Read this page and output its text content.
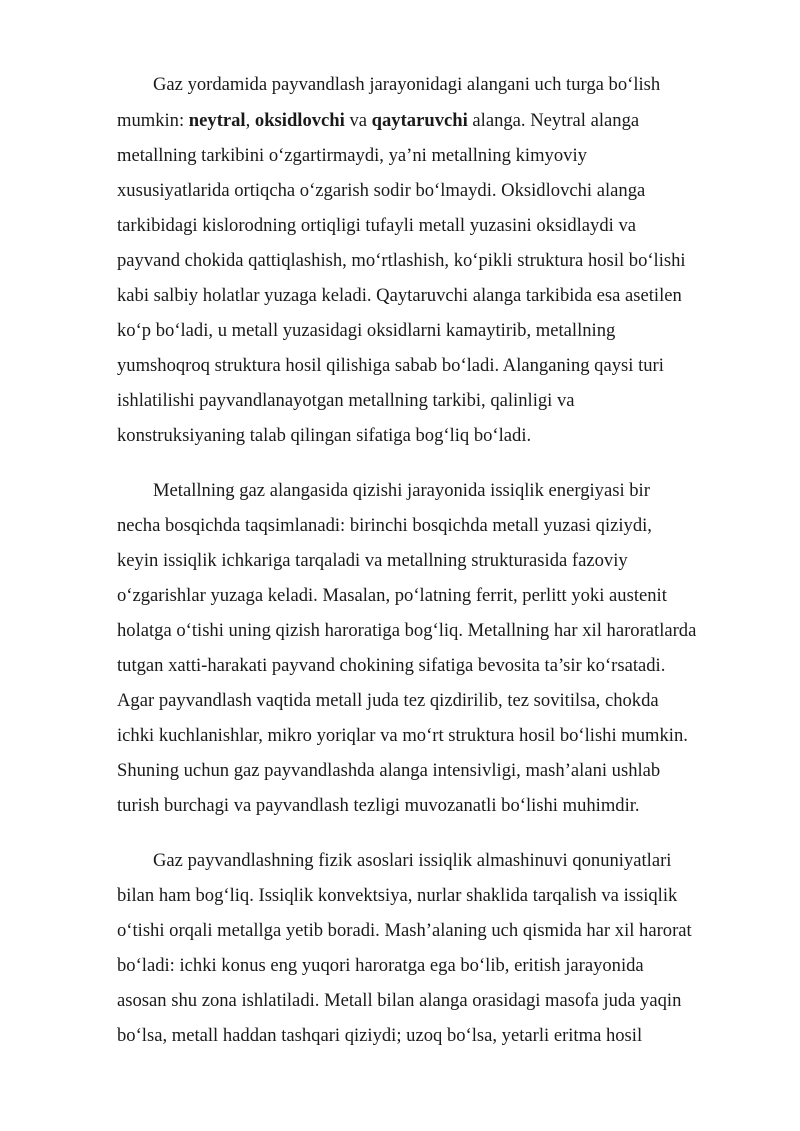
Gaz yordamida payvandlash jarayonidagi alangani uch turga bo‘lish
mumkin: neytral, oksidlovchi va qaytaruvchi alanga. Neytral alanga
metallning tarkibini o‘zgartirmaydi, ya’ni metallning kimyoviy
xususiyatlarida ortiqcha o‘zgarish sodir bo‘lmaydi. Oksidlovchi alanga
tarkibidagi kislorodning ortiqligi tufayli metall yuzasini oksidlaydi va
payvand chokida qattiqlashish, mo‘rtlashish, ko‘pikli struktura hosil bo‘lishi
kabi salbiy holatlar yuzaga keladi. Qaytaruvchi alanga tarkibida esa asetilen
ko‘p bo‘ladi, u metall yuzasidagi oksidlarni kamaytirib, metallning
yumshoqroq struktura hosil qilishiga sabab bo‘ladi. Alanganing qaysi turi
ishlatilishi payvandlanayotgan metallning tarkibi, qalinligi va
konstruksiyaning talab qilingan sifatiga bog‘liq bo‘ladi.
Metallning gaz alangasida qizishi jarayonida issiqlik energiyasi bir
necha bosqichda taqsimlanadi: birinchi bosqichda metall yuzasi qiziydi,
keyin issiqlik ichkariga tarqaladi va metallning strukturasida fazoviy
o‘zgarishlar yuzaga keladi. Masalan, po‘latning ferrit, perlitt yoki austenit
holatga o‘tishi uning qizish haroratiga bog‘liq. Metallning har xil haroratlarda
tutgan xatti-harakati payvand chokining sifatiga bevosita ta’sir ko‘rsatadi.
Agar payvandlash vaqtida metall juda tez qizdirilib, tez sovitilsa, chokda
ichki kuchlanishlar, mikro yoriqlar va mo‘rt struktura hosil bo‘lishi mumkin.
Shuning uchun gaz payvandlashda alanga intensivligi, mash’alani ushlab
turish burchagi va payvandlash tezligi muvozanatli bo‘lishi muhimdir.
Gaz payvandlashning fizik asoslari issiqlik almashinuvi qonuniyatlari
bilan ham bog‘liq. Issiqlik konvektsiya, nurlar shaklida tarqalish va issiqlik
o‘tishi orqali metallga yetib boradi. Mash’alaning uch qismida har xil harorat
bo‘ladi: ichki konus eng yuqori haroratga ega bo‘lib, eritish jarayonida
asosan shu zona ishlatiladi. Metall bilan alanga orasidagi masofa juda yaqin
bo‘lsa, metall haddan tashqari qiziydi; uzoq bo‘lsa, yetarli eritma hosil
